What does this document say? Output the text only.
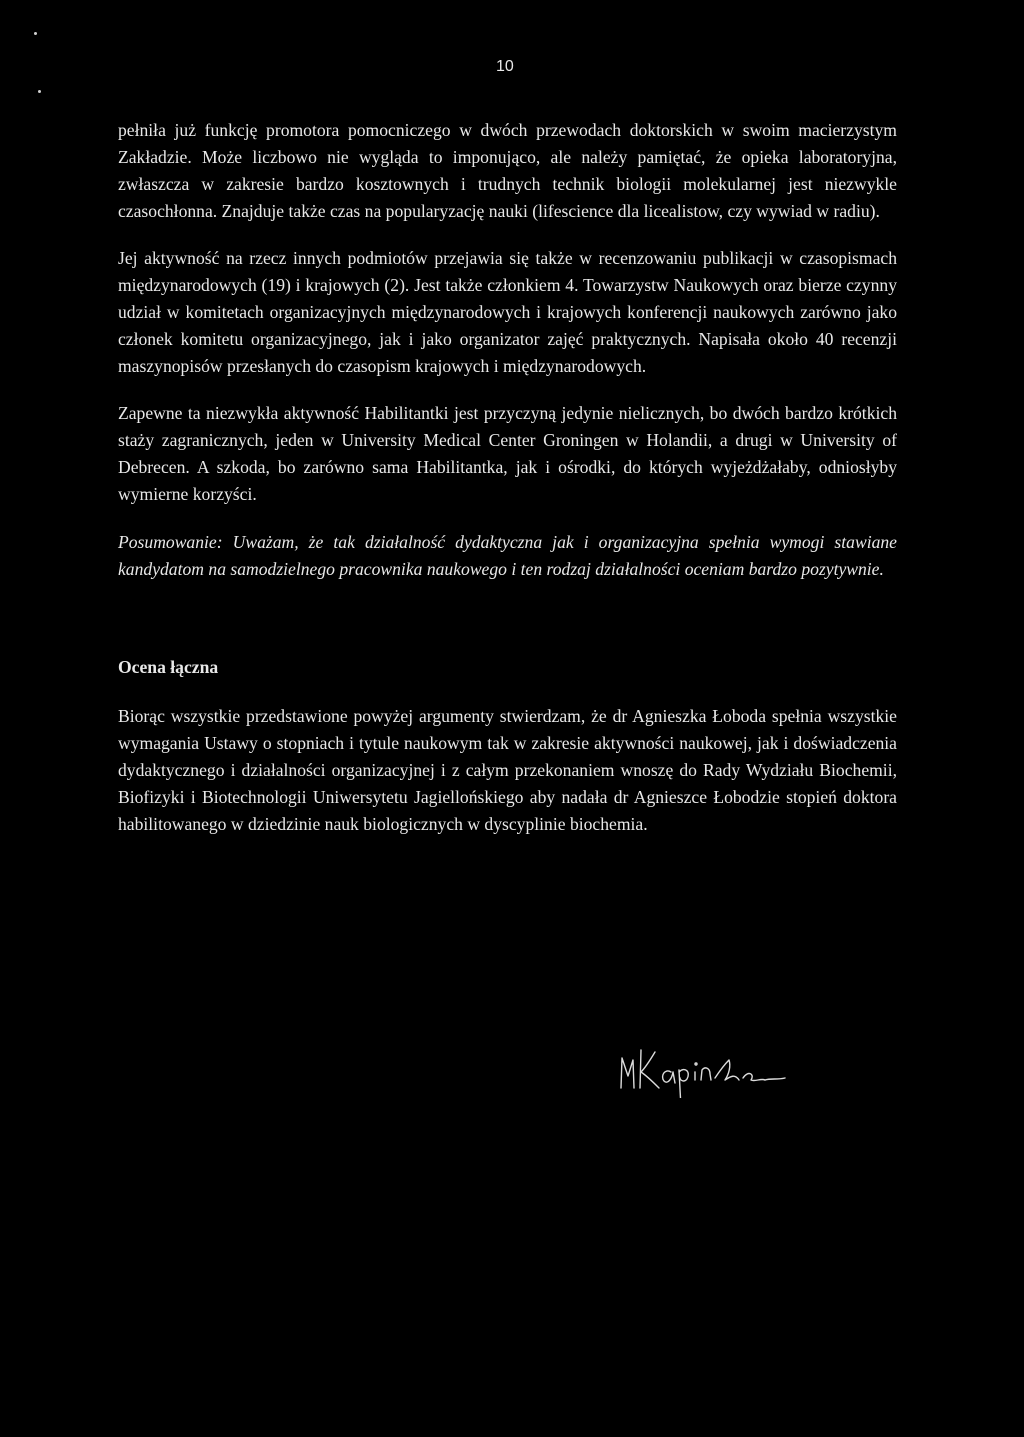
10

pełniła już funkcję promotora pomocniczego w dwóch przewodach doktorskich w swoim macierzystym Zakładzie. Może liczbowo nie wygląda to imponująco, ale należy pamiętać, że opieka laboratoryjna, zwłaszcza w zakresie bardzo kosztownych i trudnych technik biologii molekularnej jest niezwykle czasochłonna. Znajduje także czas na popularyzację nauki (lifescience dla licealistow, czy wywiad w radiu).

Jej aktywność na rzecz innych podmiotów przejawia się także w recenzowaniu publikacji w czasopismach międzynarodowych (19) i krajowych (2). Jest także członkiem 4. Towarzystw Naukowych oraz bierze czynny udział w komitetach organizacyjnych międzynarodowych i krajowych konferencji naukowych zarówno jako członek komitetu organizacyjnego, jak i jako organizator zajęć praktycznych. Napisała około 40 recenzji maszynopisów przesłanych do czasopism krajowych i międzynarodowych.

Zapewne ta niezwykła aktywność Habilitantki jest przyczyną jedynie nielicznych, bo dwóch bardzo krótkich staży zagranicznych, jeden w University Medical Center Groningen w Holandii, a drugi w University of Debrecen. A szkoda, bo zarówno sama Habilitantka, jak i ośrodki, do których wyjeżdżałaby, odniosłyby wymierne korzyści.

Posumowanie: Uważam, że tak działalność dydaktyczna jak i organizacyjna spełnia wymogi stawiane kandydatom na samodzielnego pracownika naukowego i ten rodzaj działalności oceniam bardzo pozytywnie.

Ocena łączna

Biorąc wszystkie przedstawione powyżej argumenty stwierdzam, że dr Agnieszka Łoboda spełnia wszystkie wymagania Ustawy o stopniach i tytule naukowym tak w zakresie aktywności naukowej, jak i doświadczenia dydaktycznego i działalności organizacyjnej i z całym przekonaniem wnoszę do Rady Wydziału Biochemii, Biofizyki i Biotechnologii Uniwersytetu Jagiellońskiego aby nadała dr Agnieszce Łobodzie stopień doktora habilitowanego w dziedzinie nauk biologicznych w dyscyplinie biochemia.
